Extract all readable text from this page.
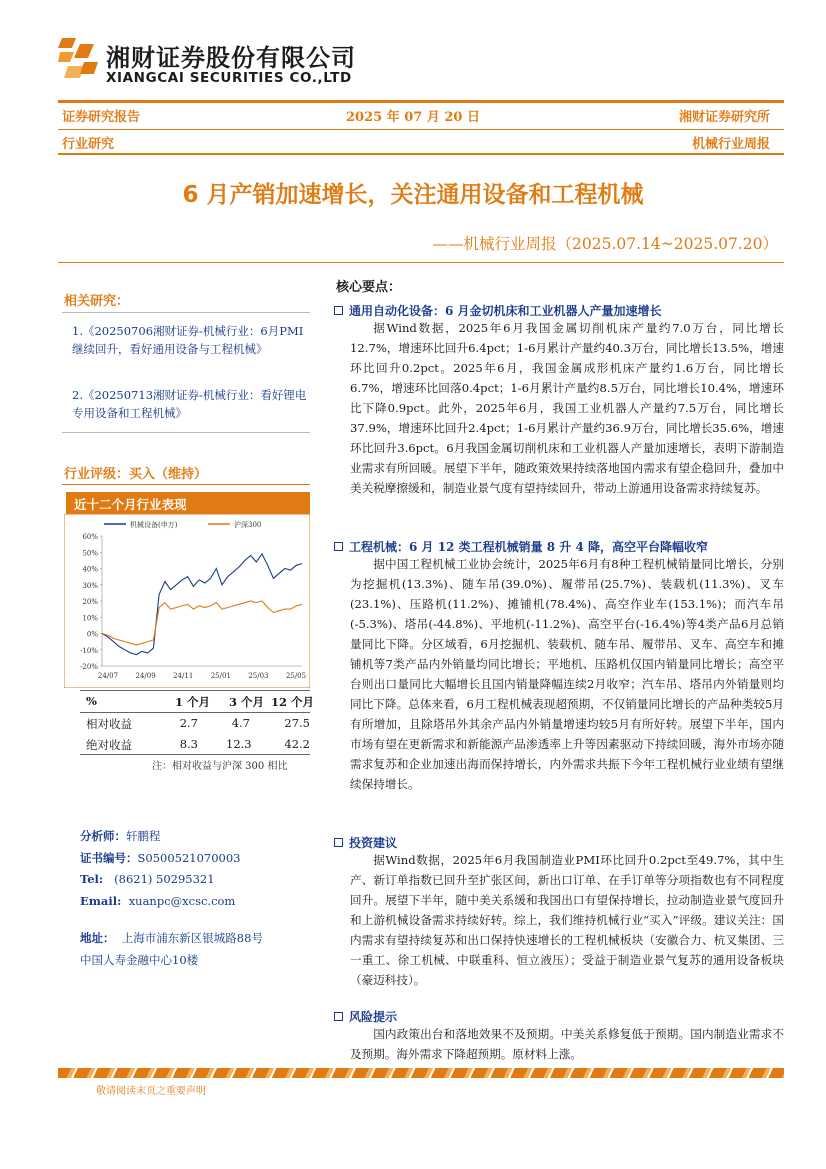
湘财证券股份有限公司
XIANGCAI SECURITIES CO.,LTD
证券研究报告	2025 年 07 月 20 日	湘财证券研究所
行业研究	机械行业周报
6 月产销加速增长，关注通用设备和工程机械
——机械行业周报（2025.07.14~2025.07.20）
相关研究：
1.《20250706湘财证券-机械行业：6月PMI继续回升，看好通用设备与工程机械》
2.《20250713湘财证券-机械行业：看好锂电专用设备和工程机械》
行业评级：买入（维持）
近十二个月行业表现
机械设备(申万)	沪深300
60%
50%
40%
30%
20%
10%
0%
-10%
-20%
24/07 24/09 24/11 25/01 25/03 25/05
%	1 个月	3 个月 12 个月
相对收益	2.7	4.7	27.5
绝对收益	8.3 12.3	42.2
注：相对收益与沪深 300 相比
分析师：轩鹏程
证书编号：S0500521070003
Tel: (8621) 50295321
Email: xuanpc@xcsc.com
地址： 上海市浦东新区银城路88号
中国人寿金融中心10楼
核心要点：
通用自动化设备：6 月金切机床和工业机器人产量加速增长
据Wind数据，2025年6月我国金属切削机床产量约7.0万台，同比增长12.7%，增速环比回升6.4pct；1-6月累计产量约40.3万台，同比增长13.5%，增速环比回升0.2pct。2025年6月，我国金属成形机床产量约1.6万台，同比增长6.7%，增速环比回落0.4pct；1-6月累计产量约8.5万台，同比增长10.4%，增速环比下降0.9pct。此外，2025年6月，我国工业机器人产量约7.5万台，同比增长37.9%，增速环比回升2.4pct；1-6月累计产量约36.9万台，同比增长35.6%，增速环比回升3.6pct。6月我国金属切削机床和工业机器人产量加速增长，表明下游制造业需求有所回暖。展望下半年，随政策效果持续落地国内需求有望企稳回升，叠加中美关税摩擦缓和，制造业景气度有望持续回升，带动上游通用设备需求持续复苏。
工程机械：6 月 12 类工程机械销量 8 升 4 降，高空平台降幅收窄
据中国工程机械工业协会统计，2025年6月有8种工程机械销量同比增长，分别为挖掘机(13.3%)、随车吊(39.0%)、履带吊(25.7%)、装载机(11.3%)、叉车(23.1%)、压路机(11.2%)、摊铺机(78.4%)、高空作业车(153.1%)；而汽车吊(-5.3%)、塔吊(-44.8%)、平地机(-11.2%)、高空平台(-16.4%)等4类产品6月总销量同比下降。分区域看，6月挖掘机、装载机、随车吊、履带吊、叉车、高空车和摊铺机等7类产品内外销量均同比增长；平地机、压路机仅国内销量同比增长；高空平台则出口量同比大幅增长且国内销量降幅连续2月收窄；汽车吊、塔吊内外销量则均同比下降。总体来看，6月工程机械表现超预期，不仅销量同比增长的产品种类较5月有所增加，且除塔吊外其余产品内外销量增速均较5月有所好转。展望下半年，国内市场有望在更新需求和新能源产品渗透率上升等因素驱动下持续回暖，海外市场亦随需求复苏和企业加速出海而保持增长，内外需求共振下今年工程机械行业业绩有望继续保持增长。
投资建议
据Wind数据，2025年6月我国制造业PMI环比回升0.2pct至49.7%，其中生产、新订单指数已回升至扩张区间，新出口订单、在手订单等分项指数也有不同程度回升。展望下半年，随中美关系缓和我国出口有望保持增长，拉动制造业景气度回升和上游机械设备需求持续好转。综上，我们维持机械行业“买入”评级。建议关注：国内需求有望持续复苏和出口保持快速增长的工程机械板块（安徽合力、杭叉集团、三一重工、徐工机械、中联重科、恒立液压）；受益于制造业景气复苏的通用设备板块（豪迈科技）。
风险提示
国内政策出台和落地效果不及预期。中美关系修复低于预期。国内制造业需求不及预期。海外需求下降超预期。原材料上涨。
敬请阅读末页之重要声明
